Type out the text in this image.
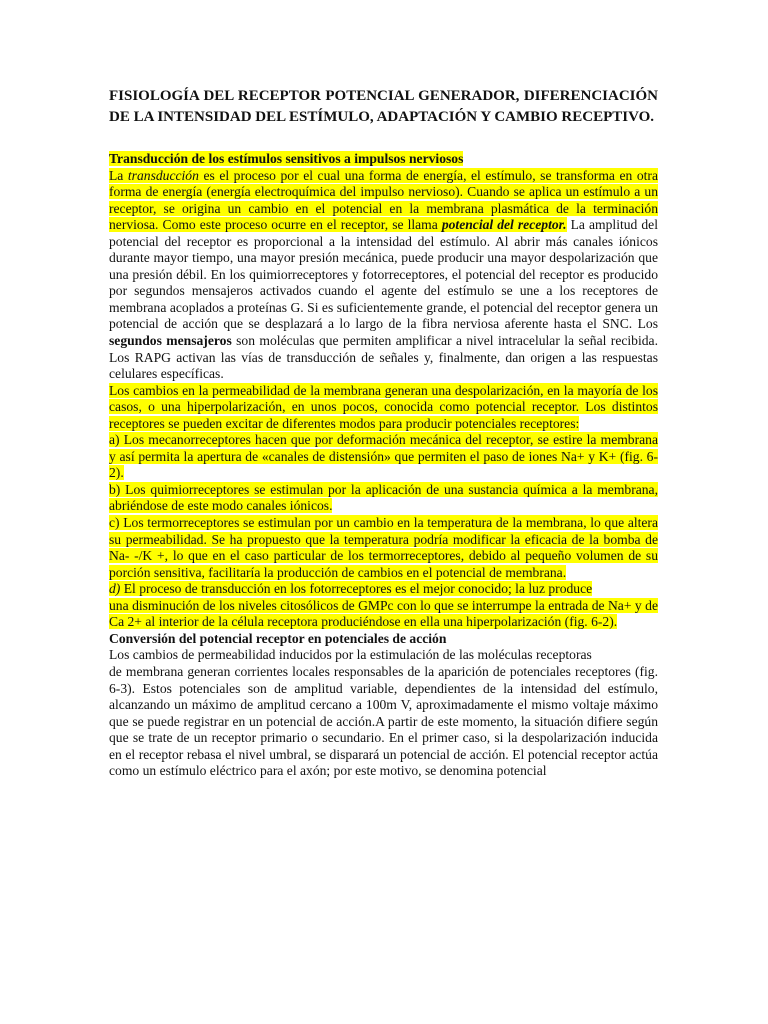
FISIOLOGÍA DEL RECEPTOR POTENCIAL GENERADOR, DIFERENCIACIÓN DE LA INTENSIDAD DEL ESTÍMULO, ADAPTACIÓN Y CAMBIO RECEPTIVO.

Transducción de los estímulos sensitivos a impulsos nerviosos

La transducción es el proceso por el cual una forma de energía, el estímulo, se transforma en otra forma de energía (energía electroquímica del impulso nervioso). Cuando se aplica un estímulo a un receptor, se origina un cambio en el potencial en la membrana plasmática de la terminación nerviosa. Como este proceso ocurre en el receptor, se llama potencial del receptor. La amplitud del potencial del receptor es proporcional a la intensidad del estímulo. Al abrir más canales iónicos durante mayor tiempo, una mayor presión mecánica, puede producir una mayor despolarización que una presión débil. En los quimiorreceptores y fotorreceptores, el potencial del receptor es producido por segundos mensajeros activados cuando el agente del estímulo se une a los receptores de membrana acoplados a proteínas G. Si es suficientemente grande, el potencial del receptor genera un potencial de acción que se desplazará a lo largo de la fibra nerviosa aferente hasta el SNC. Los segundos mensajeros son moléculas que permiten amplificar a nivel intracelular la señal recibida. Los RAPG activan las vías de transducción de señales y, finalmente, dan origen a las respuestas celulares específicas.

Los cambios en la permeabilidad de la membrana generan una despolarización, en la mayoría de los casos, o una hiperpolarización, en unos pocos, conocida como potencial receptor. Los distintos receptores se pueden excitar de diferentes modos para producir potenciales receptores:

a) Los mecanorreceptores hacen que por deformación mecánica del receptor, se estire la membrana y así permita la apertura de «canales de distensión» que permiten el paso de iones Na+ y K+ (fig. 6-2).

b) Los quimiorreceptores se estimulan por la aplicación de una sustancia química a la membrana, abriéndose de este modo canales iónicos.

c) Los termorreceptores se estimulan por un cambio en la temperatura de la membrana, lo que altera su permeabilidad. Se ha propuesto que la temperatura podría modificar la eficacia de la bomba de Na- -/K +, lo que en el caso particular de los termorreceptores, debido al pequeño volumen de su porción sensitiva, facilitaría la producción de cambios en el potencial de membrana.

d) El proceso de transducción en los fotorreceptores es el mejor conocido; la luz produce

una disminución de los niveles citosólicos de GMPc con lo que se interrumpe la entrada de Na+ y de Ca 2+ al interior de la célula receptora produciéndose en ella una hiperpolarización (fig. 6-2).

Conversión del potencial receptor en potenciales de acción

Los cambios de permeabilidad inducidos por la estimulación de las moléculas receptoras

de membrana generan corrientes locales responsables de la aparición de potenciales receptores (fig. 6-3). Estos potenciales son de amplitud variable, dependientes de la intensidad del estímulo, alcanzando un máximo de amplitud cercano a 100m V, aproximadamente el mismo voltaje máximo que se puede registrar en un potencial de acción.A partir de este momento, la situación difiere según que se trate de un receptor primario o secundario. En el primer caso, si la despolarización inducida en el receptor rebasa el nivel umbral, se disparará un potencial de acción. El potencial receptor actúa como un estímulo eléctrico para el axón; por este motivo, se denomina potencial
